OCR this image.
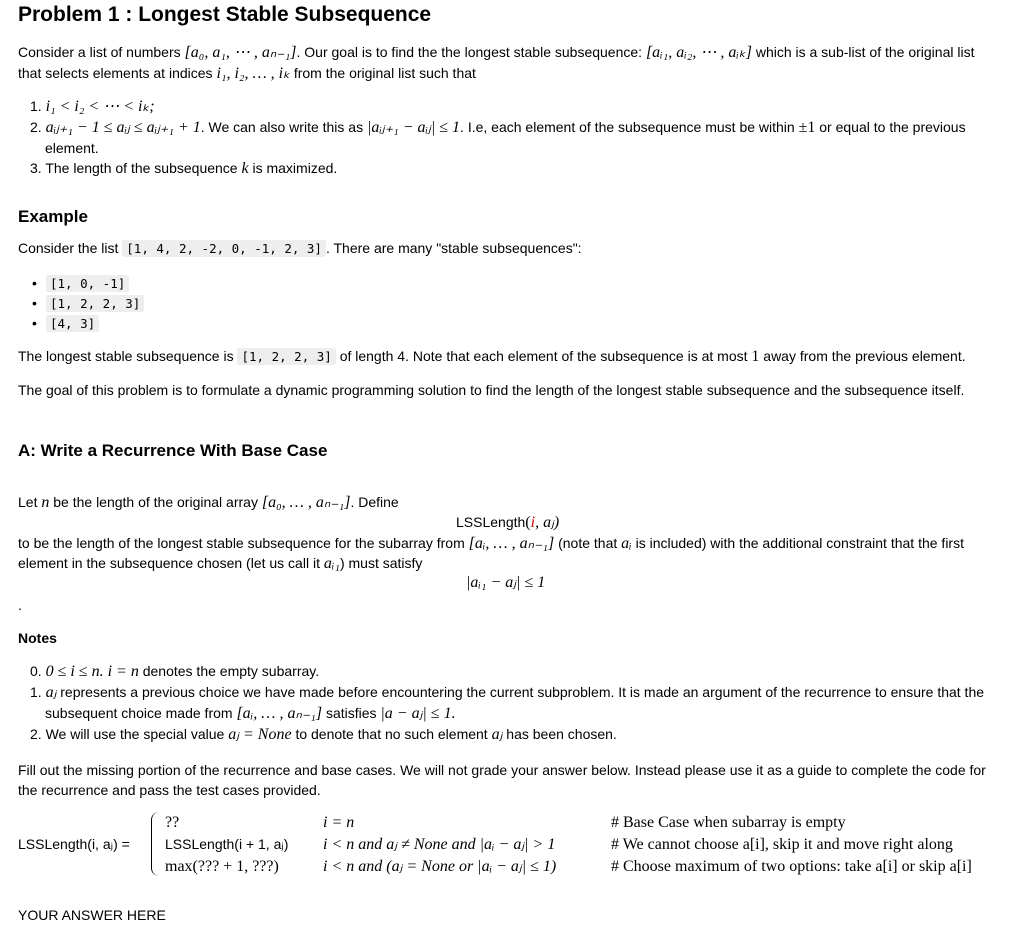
Problem 1 : Longest Stable Subsequence
Consider a list of numbers [a₀, a₁, ⋯ , aₙ₋₁]. Our goal is to find the the longest stable subsequence: [aᵢ₁, aᵢ₂, ⋯ , aᵢₖ] which is a sub-list of the original list
that selects elements at indices i₁, i₂, … , iₖ from the original list such that
1. i₁ < i₂ < ⋯ < iₖ;
2. aᵢⱼ₊₁ − 1 ≤ aᵢⱼ ≤ aᵢⱼ₊₁ + 1. We can also write this as |aᵢⱼ₊₁ − aᵢⱼ| ≤ 1. I.e, each element of the subsequence must be within ±1 or equal to the previous
element.
3. The length of the subsequence k is maximized.
Example
Consider the list [1, 4, 2, -2, 0, -1, 2, 3] . There are many "stable subsequences":
•	[1, 0, -1]
•	[1, 2, 2, 3]
•	[4, 3]
The longest stable subsequence is [1, 2, 2, 3] of length 4. Note that each element of the subsequence is at most 1 away from the previous element.
The goal of this problem is to formulate a dynamic programming solution to find the length of the longest stable subsequence and the subsequence itself.
A: Write a Recurrence With Base Case
Let n be the length of the original array [a₀, … , aₙ₋₁]. Define
LSSLength(i, aⱼ)
to be the length of the longest stable subsequence for the subarray from [aᵢ, … , aₙ₋₁] (note that aᵢ is included) with the additional constraint that the first
element in the subsequence chosen (let us call it aᵢ₁) must satisfy
|aᵢ₁ − aⱼ| ≤ 1
.
Notes
0. 0 ≤ i ≤ n. i = n denotes the empty subarray.
1. aⱼ represents a previous choice we have made before encountering the current subproblem. It is made an argument of the recurrence to ensure that the
subsequent choice made from [aᵢ, … , aₙ₋₁] satisfies |a − aⱼ| ≤ 1.
2. We will use the special value aⱼ = None to denote that no such element aⱼ has been chosen.
Fill out the missing portion of the recurrence and base cases. We will not grade your answer below. Instead please use it as a guide to complete the code for
the recurrence and pass the test cases provided.
LSSLength(i, aⱼ) =
??	i = n	# Base Case when subarray is empty
LSSLength(i + 1, aⱼ) i < n and aⱼ ≠ None and |aᵢ − aⱼ| > 1	# We cannot choose a[i], skip it and move right along
max(??? + 1, ???)	i < n and (aⱼ = None or |aᵢ − aⱼ| ≤ 1)	# Choose maximum of two options: take a[i] or skip a[i]
YOUR ANSWER HERE
